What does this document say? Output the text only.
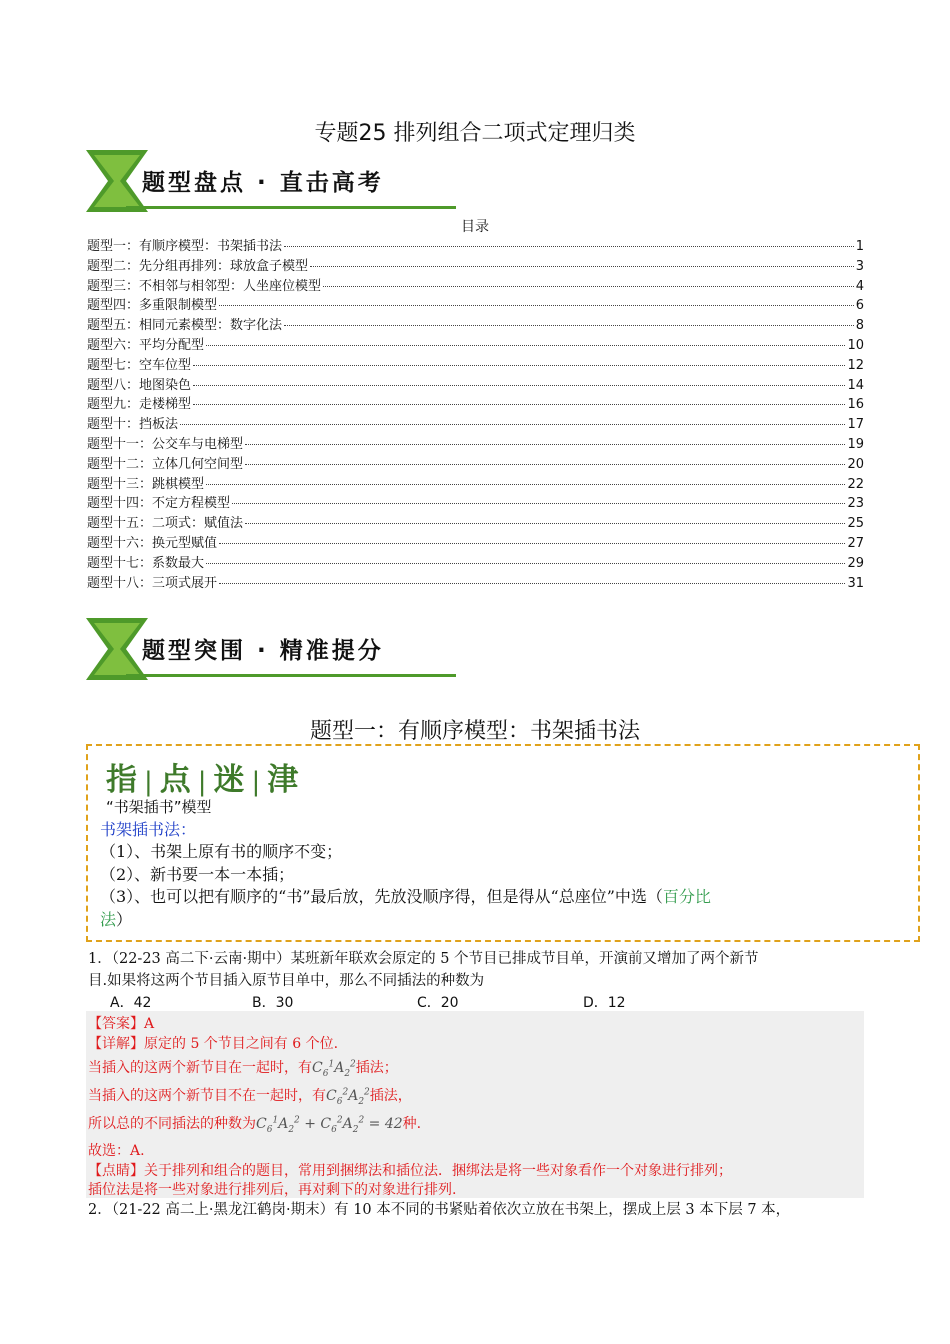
专题25 排列组合二项式定理归类
题型盘点 · 直击高考
目录
题型一：有顺序模型：书架插书法	1
题型二：先分组再排列：球放盒子模型	3
题型三：不相邻与相邻型：人坐座位模型	4
题型四：多重限制模型	6
题型五：相同元素模型：数字化法	8
题型六：平均分配型	10
题型七：空车位型	12
题型八：地图染色	14
题型九：走楼梯型	16
题型十：挡板法	17
题型十一：公交车与电梯型	19
题型十二：立体几何空间型	20
题型十三：跳棋模型	22
题型十四：不定方程模型	23
题型十五：二项式：赋值法	25
题型十六：换元型赋值	27
题型十七：系数最大	29
题型十八：三项式展开	31
题型突围 · 精准提分
题型一：有顺序模型：书架插书法
指 | 点 | 迷 | 津
“书架插书”模型
书架插书法：
（1）、书架上原有书的顺序不变；
（2）、新书要一本一本插；
（3）、也可以把有顺序的“书”最后放，先放没顺序得，但是得从“总座位”中选（百分比
法）
1．（22-23 高二下·云南·期中）某班新年联欢会原定的 5 个节目已排成节目单，开演前又增加了两个新节
目.如果将这两个节目插入原节目单中，那么不同插法的种数为
A．42	B．30	C．20	D．12
【答案】A
【详解】原定的 5 个节目之间有 6 个位.
当插入的这两个新节目在一起时，有$C_6^1A_2^2$插法；
当插入的这两个新节目不在一起时，有$C_6^2A_2^2$插法，
所以总的不同插法的种数为$C_6^1A_2^2 + C_6^2A_2^2 = 42$种.
故选：A.
【点睛】关于排列和组合的题目，常用到捆绑法和插位法．捆绑法是将一些对象看作一个对象进行排列；
插位法是将一些对象进行排列后，再对剩下的对象进行排列.
2．（21-22 高二上·黑龙江鹤岗·期末）有 10 本不同的书紧贴着依次立放在书架上，摆成上层 3 本下层 7 本，
